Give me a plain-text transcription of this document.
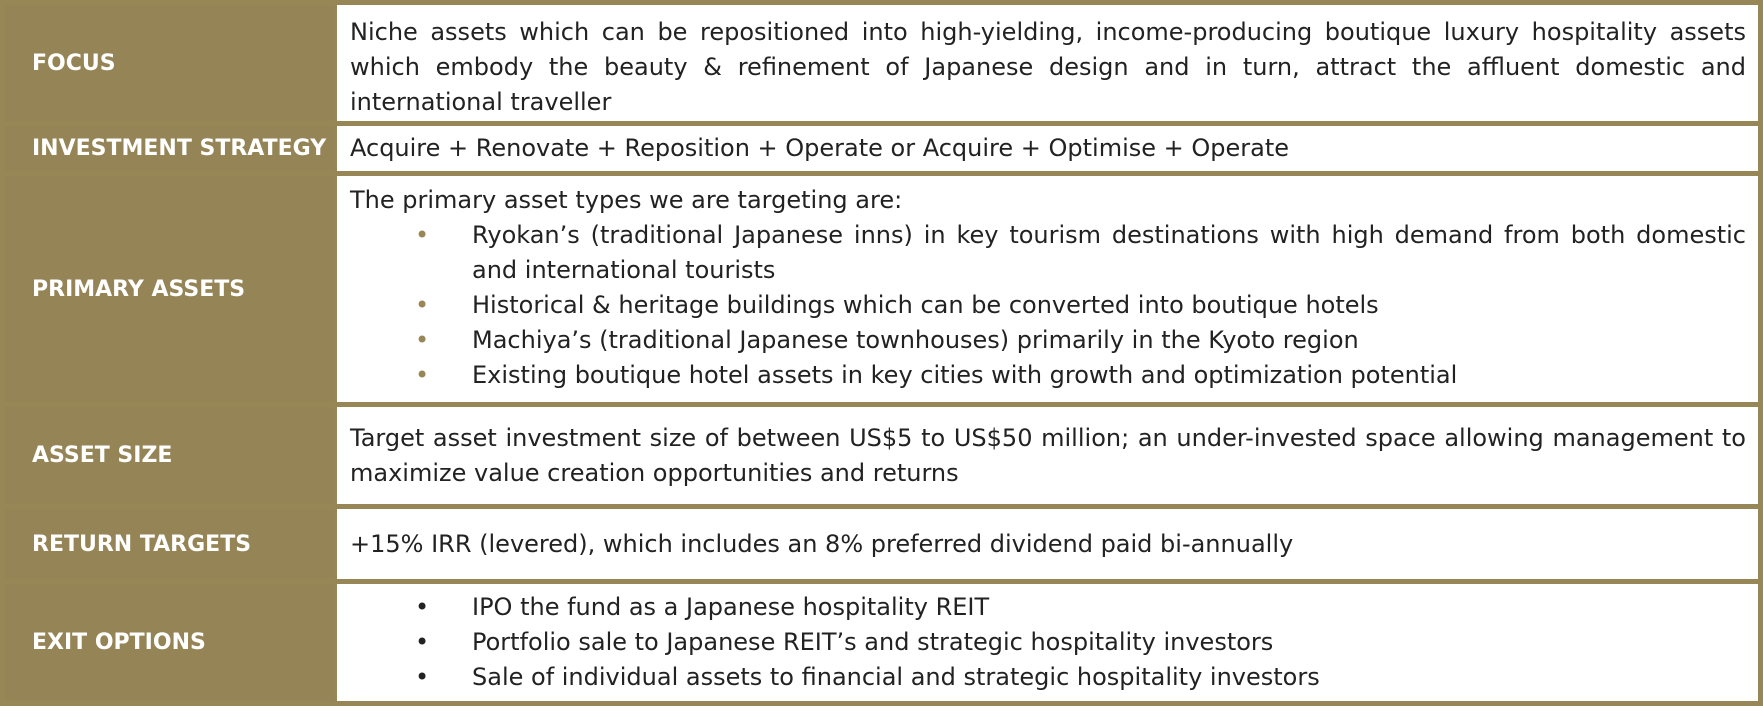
FOCUS

Niche assets which can be repositioned into high-yielding, income-producing boutique luxury hospitality assets which embody the beauty & refinement of Japanese design and in turn, attract the affluent domestic and international traveller

INVESTMENT STRATEGY Acquire + Renovate + Reposition + Operate or Acquire + Optimise + Operate

PRIMARY ASSETS

The primary asset types we are targeting are:

• Ryokan’s (traditional Japanese inns) in key tourism destinations with high demand from both domestic and international tourists
• Historical & heritage buildings which can be converted into boutique hotels
• Machiya’s (traditional Japanese townhouses) primarily in the Kyoto region
• Existing boutique hotel assets in key cities with growth and optimization potential
ASSET SIZE

Target asset investment size of between US$5 to US$50 million; an under-invested space allowing management to maximize value creation opportunities and returns

RETURN TARGETS	+15% IRR (levered), which includes an 8% preferred dividend paid bi-annually

EXIT OPTIONS
• IPO the fund as a Japanese hospitality REIT
• Portfolio sale to Japanese REIT’s and strategic hospitality investors
• Sale of individual assets to financial and strategic hospitality investors
